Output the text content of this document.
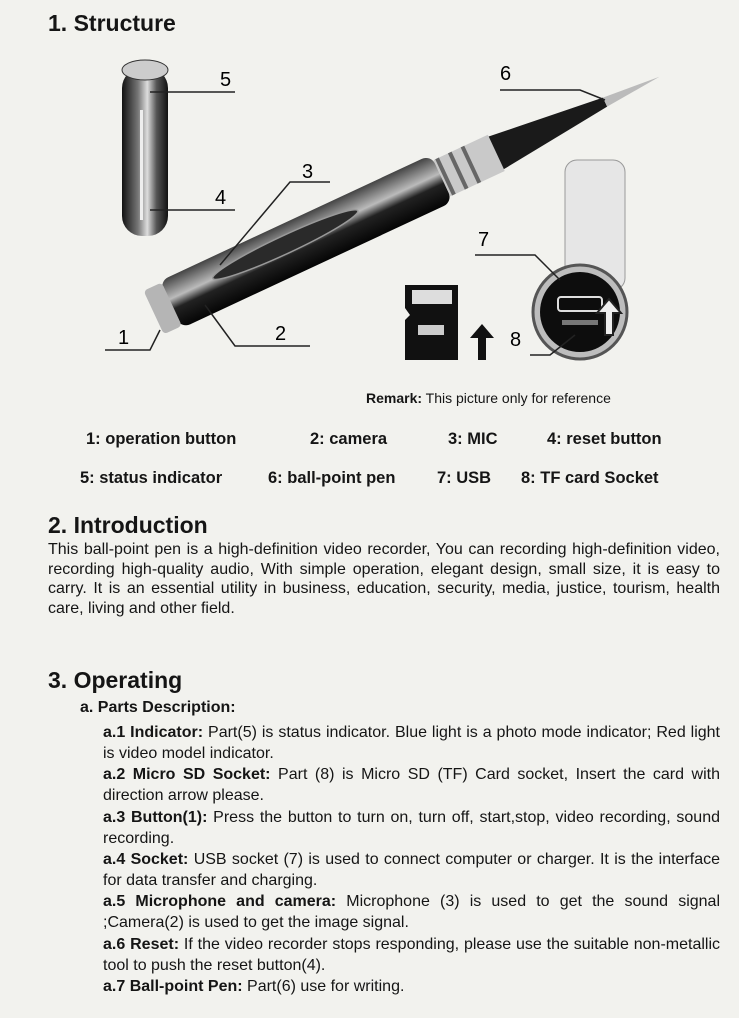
1. Structure
5
4
3
6
7
8
1	2
Remark: This picture only for reference
1: operation button	2: camera	3: MIC	4: reset button
5: status indicator	6: ball-point pen	7: USB 8: TF card Socket
2. Introduction
This ball-point pen is a high-definition video recorder, You can recording high-definition video, recording high-quality audio, With simple operation, elegant design, small size, it is easy to carry. It is an essential utility in business, education, security, media, justice, tourism, health care, living and other field.
3. Operating
a. Parts Description:
a.1 Indicator: Part(5) is status indicator. Blue light is a photo mode indicator; Red light is video model indicator.
a.2 Micro SD Socket: Part (8) is Micro SD (TF) Card socket, Insert the card with direction arrow please.
a.3 Button(1): Press the button to turn on, turn off, start,stop, video recording, sound recording.
a.4 Socket: USB socket (7) is used to connect computer or charger. It is the interface for data transfer and charging.
a.5 Microphone and camera: Microphone (3) is used to get the sound signal ;Camera(2) is used to get the image signal.
a.6 Reset: If the video recorder stops responding, please use the suitable non-metallic tool to push the reset button(4).
a.7 Ball-point Pen: Part(6) use for writing.
